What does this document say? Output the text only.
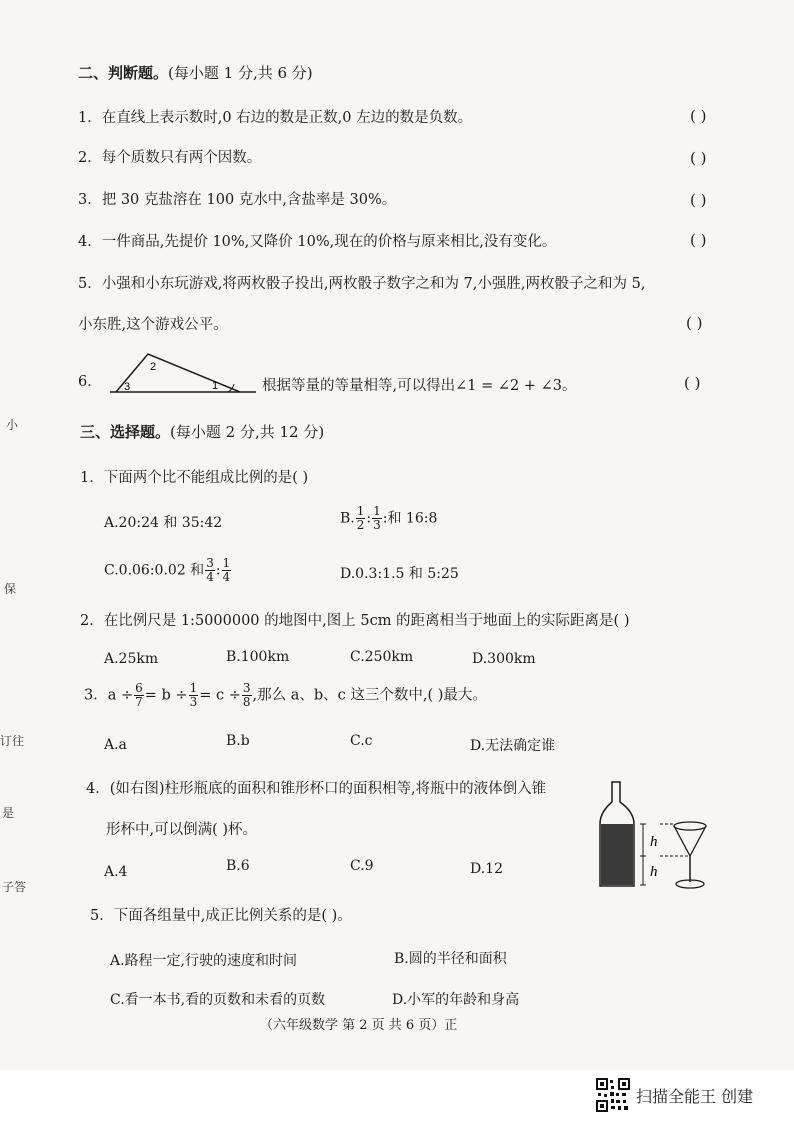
小
保
订往
是
子答
二、判断题。(每小题 1 分,共 6 分)
1．在直线上表示数时,0 右边的数是正数,0 左边的数是负数。	( )
2．每个质数只有两个因数。	( )
3．把 30 克盐溶在 100 克水中,含盐率是 30%。	( )
4．一件商品,先提价 10%,又降价 10%,现在的价格与原来相比,没有变化。	( )
5．小强和小东玩游戏,将两枚骰子投出,两枚骰子数字之和为 7,小强胜,两枚骰子之和为 5,
小东胜,这个游戏公平。	( )
6．	1
2
3	根据等量的等量相等,可以得出∠1 = ∠2 + ∠3。	( )
三、选择题。(每小题 2 分,共 12 分)
1．下面两个比不能组成比例的是( )
A.20:24 和 35:42	B. $\frac{1}{2}$ : $\frac{1}{3}$ :和 16:8
C.0.06:0.02 和 $\frac{3}{4}$ : $\frac{1}{4}$	D.0.3:1.5 和 5:25
2．在比例尺是 1:5000000 的地图中,图上 5cm 的距离相当于地面上的实际距离是( )
A.25km	B.100km	C.250km	D.300km
3．$a \div \frac{6}{7} = b \div \frac{1}{3} = c \div \frac{3}{8}$ ,那么 a、b、c 这三个数中,( )最大。
A.a	B.b	C.c	D.无法确定谁
4．(如右图)柱形瓶底的面积和锥形杯口的面积相等,将瓶中的液体倒入锥
形杯中,可以倒满( )杯。
A.4	B.6	C.9	D.12
h
h
5．下面各组量中,成正比例关系的是( )。
A.路程一定,行驶的速度和时间	B.圆的半径和面积
C.看一本书,看的页数和未看的页数	D.小军的年龄和身高
（六年级数学 第 2 页 共 6 页）正
扫描全能王 创建
